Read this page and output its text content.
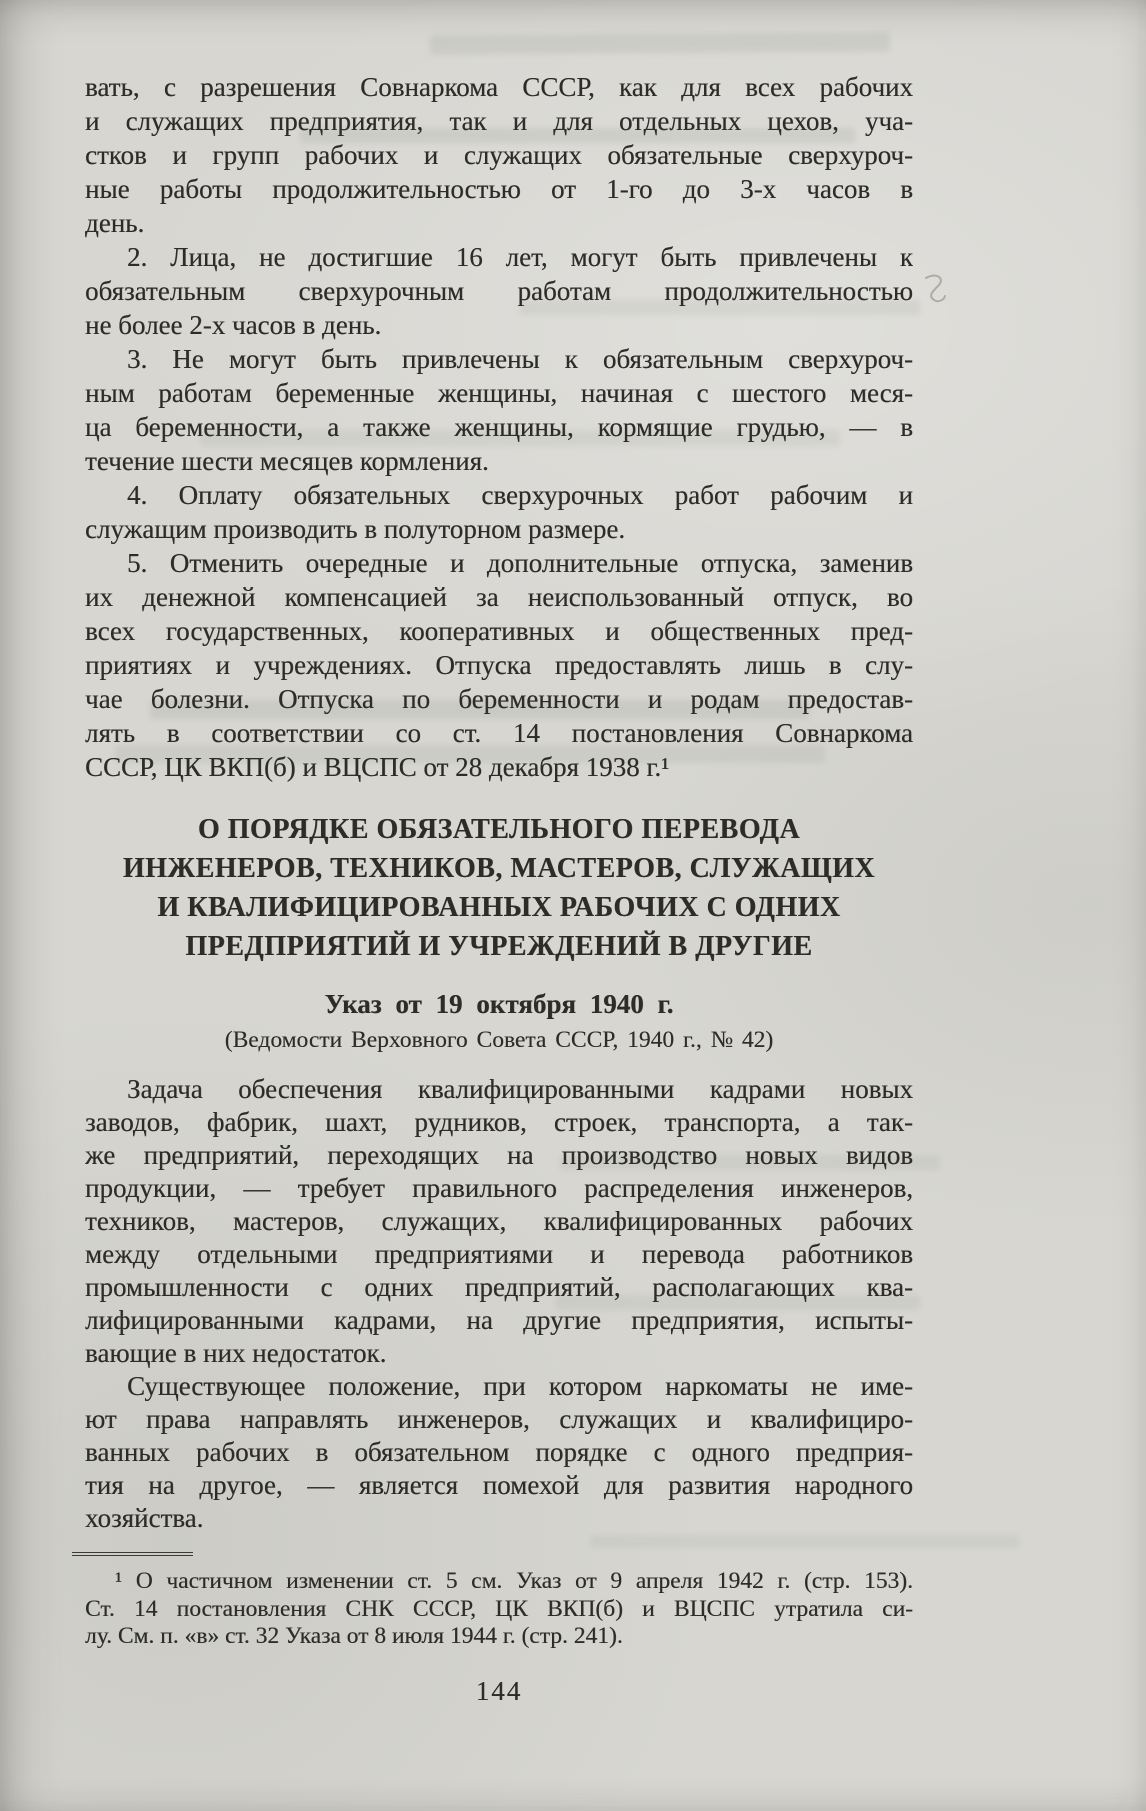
вать, с разрешения Совнаркома СССР, как для всех рабочих
и служащих предприятия, так и для отдельных цехов, уча-
стков и групп рабочих и служащих обязательные сверхуроч-
ные работы продолжительностью от 1-го до 3-х часов в
день.
2. Лица, не достигшие 16 лет, могут быть привлечены к
обязательным сверхурочным работам продолжительностью
не более 2-х часов в день.
3. Не могут быть привлечены к обязательным сверхуроч-
ным работам беременные женщины, начиная с шестого меся-
ца беременности, а также женщины, кормящие грудью, — в
течение шести месяцев кормления.
4. Оплату обязательных сверхурочных работ рабочим и
служащим производить в полуторном размере.
5. Отменить очередные и дополнительные отпуска, заменив
их денежной компенсацией за неиспользованный отпуск, во
всех государственных, кооперативных и общественных пред-
приятиях и учреждениях. Отпуска предоставлять лишь в слу-
чае болезни. Отпуска по беременности и родам предостав-
лять в соответствии со ст. 14 постановления Совнаркома
СССР, ЦК ВКП(б) и ВЦСПС от 28 декабря 1938 г.¹
О ПОРЯДКЕ ОБЯЗАТЕЛЬНОГО ПЕРЕВОДА
ИНЖЕНЕРОВ, ТЕХНИКОВ, МАСТЕРОВ, СЛУЖАЩИХ
И КВАЛИФИЦИРОВАННЫХ РАБОЧИХ С ОДНИХ
ПРЕДПРИЯТИЙ И УЧРЕЖДЕНИЙ В ДРУГИЕ
Указ от 19 октября 1940 г.
(Ведомости Верховного Совета СССР, 1940 г., № 42)
Задача обеспечения квалифицированными кадрами новых
заводов, фабрик, шахт, рудников, строек, транспорта, а так-
же предприятий, переходящих на производство новых видов
продукции, — требует правильного распределения инженеров,
техников, мастеров, служащих, квалифицированных рабочих
между отдельными предприятиями и перевода работников
промышленности с одних предприятий, располагающих ква-
лифицированными кадрами, на другие предприятия, испыты-
вающие в них недостаток.
Существующее положение, при котором наркоматы не име-
ют права направлять инженеров, служащих и квалифициро-
ванных рабочих в обязательном порядке с одного предприя-
тия на другое, — является помехой для развития народного
хозяйства.
¹ О частичном изменении ст. 5 см. Указ от 9 апреля 1942 г. (стр. 153).
Ст. 14 постановления СНК СССР, ЦК ВКП(б) и ВЦСПС утратила си-
лу. См. п. «в» ст. 32 Указа от 8 июля 1944 г. (стр. 241).
144
